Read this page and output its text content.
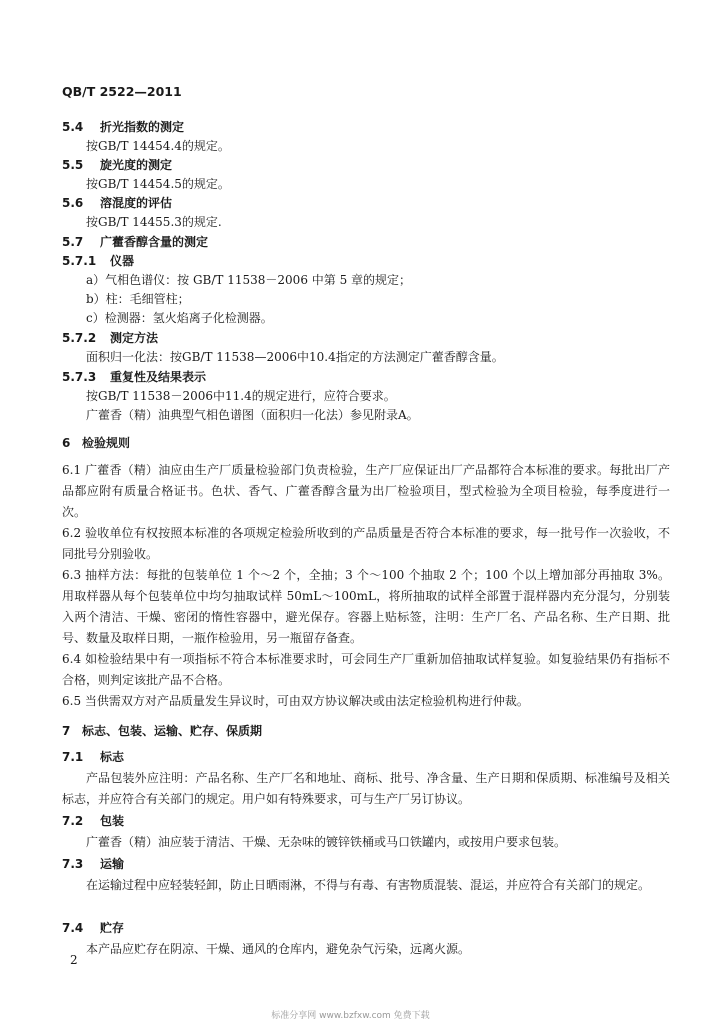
QB/T 2522—2011
5.4 折光指数的测定
按GB/T 14454.4的规定。
5.5 旋光度的测定
按GB/T 14454.5的规定。
5.6 溶混度的评估
按GB/T 14455.3的规定.
5.7 广藿香醇含量的测定
5.7.1 仪器
a）气相色谱仪：按 GB/T 11538－2006 中第 5 章的规定；
b）柱：毛细管柱；
c）检测器：氢火焰离子化检测器。
5.7.2 测定方法
面积归一化法：按GB/T 11538—2006中10.4指定的方法测定广藿香醇含量。
5.7.3 重复性及结果表示
按GB/T 11538－2006中11.4的规定进行，应符合要求。
广藿香（精）油典型气相色谱图（面积归一化法）参见附录A。
6 检验规则
6.1 广藿香（精）油应由生产厂质量检验部门负责检验，生产厂应保证出厂产品都符合本标准的要求。每批出厂产品都应附有质量合格证书。色状、香气、广藿香醇含量为出厂检验项目，型式检验为全项目检验，每季度进行一次。
6.2 验收单位有权按照本标准的各项规定检验所收到的产品质量是否符合本标准的要求，每一批号作一次验收，不同批号分别验收。
6.3 抽样方法：每批的包装单位 1 个～2 个，全抽；3 个～100 个抽取 2 个；100 个以上增加部分再抽取 3%。用取样器从每个包装单位中均匀抽取试样 50mL～100mL，将所抽取的试样全部置于混样器内充分混匀，分别装入两个清洁、干燥、密闭的惰性容器中，避光保存。容器上贴标签，注明：生产厂名、产品名称、生产日期、批号、数量及取样日期，一瓶作检验用，另一瓶留存备查。
6.4 如检验结果中有一项指标不符合本标准要求时，可会同生产厂重新加倍抽取试样复验。如复验结果仍有指标不合格，则判定该批产品不合格。
6.5 当供需双方对产品质量发生异议时，可由双方协议解决或由法定检验机构进行仲裁。
7 标志、包装、运输、贮存、保质期
7.1 标志
产品包装外应注明：产品名称、生产厂名和地址、商标、批号、净含量、生产日期和保质期、标准编号及相关标志，并应符合有关部门的规定。用户如有特殊要求，可与生产厂另订协议。
7.2 包装
广藿香（精）油应装于清洁、干燥、无杂味的镀锌铁桶或马口铁罐内，或按用户要求包装。
7.3 运输
在运输过程中应轻装轻卸，防止日晒雨淋，不得与有毒、有害物质混装、混运，并应符合有关部门的规定。
7.4 贮存
本产品应贮存在阴凉、干燥、通风的仓库内，避免杂气污染，远离火源。
2
标准分享网 www.bzfxw.com 免费下载
